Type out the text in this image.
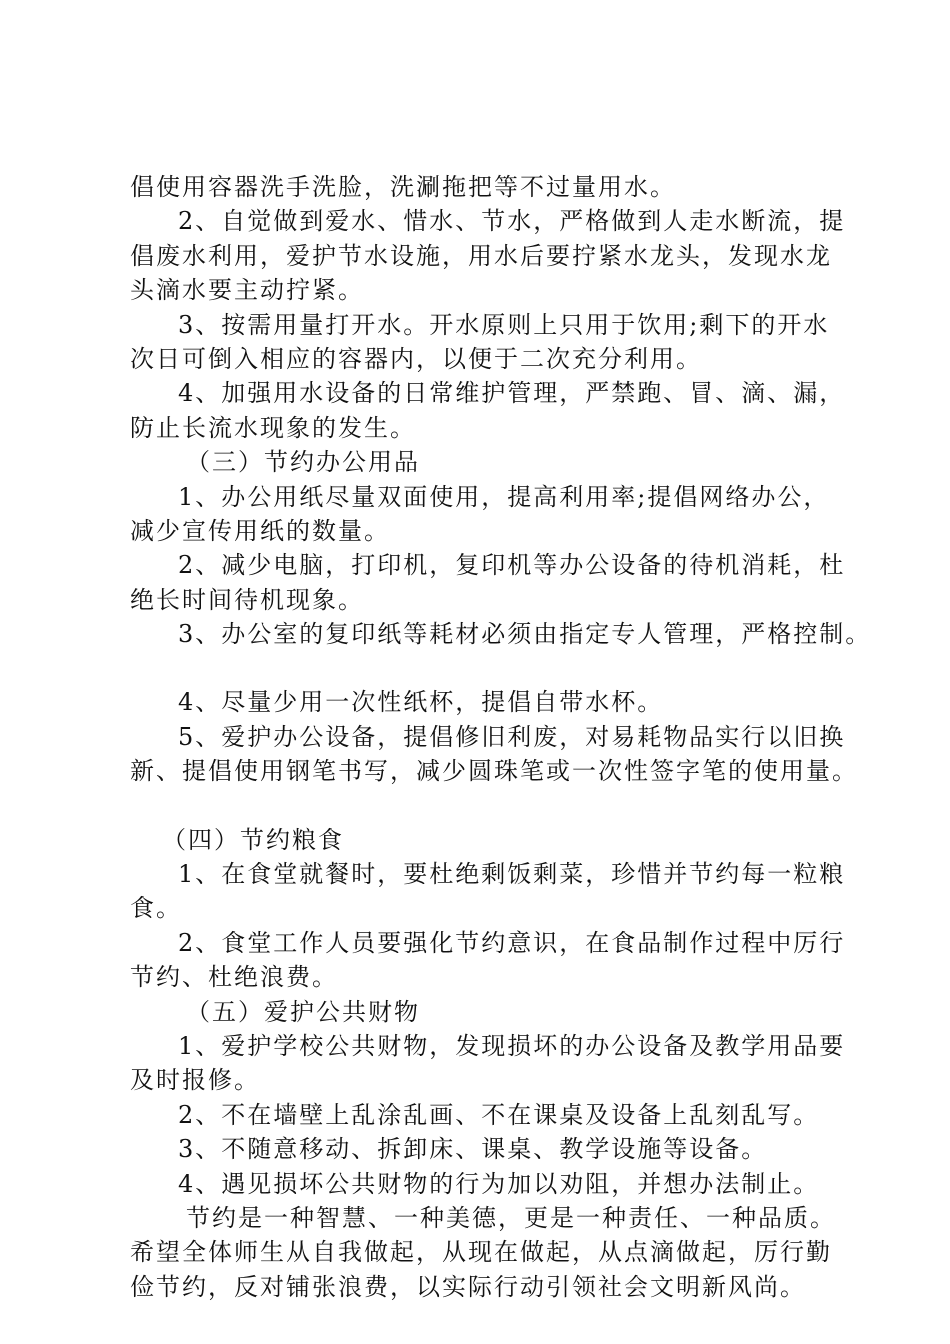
倡使用容器洗手洗脸，洗涮拖把等不过量用水。
2、自觉做到爱水、惜水、节水，严格做到人走水断流，提
倡废水利用，爱护节水设施，用水后要拧紧水龙头，发现水龙
头滴水要主动拧紧。
3、按需用量打开水。开水原则上只用于饮用;剩下的开水
次日可倒入相应的容器内，以便于二次充分利用。
4、加强用水设备的日常维护管理，严禁跑、冒、滴、漏，
防止长流水现象的发生。
（三）节约办公用品
1、办公用纸尽量双面使用，提高利用率;提倡网络办公，
减少宣传用纸的数量。
2、减少电脑，打印机，复印机等办公设备的待机消耗，杜
绝长时间待机现象。
3、办公室的复印纸等耗材必须由指定专人管理，严格控制。
4、尽量少用一次性纸杯，提倡自带水杯。
5、爱护办公设备，提倡修旧利废，对易耗物品实行以旧换
新、提倡使用钢笔书写，减少圆珠笔或一次性签字笔的使用量。
（四）节约粮食
1、在食堂就餐时，要杜绝剩饭剩菜，珍惜并节约每一粒粮
食。
2、食堂工作人员要强化节约意识，在食品制作过程中厉行
节约、杜绝浪费。
（五）爱护公共财物
1、爱护学校公共财物，发现损坏的办公设备及教学用品要
及时报修。
2、不在墙壁上乱涂乱画、不在课桌及设备上乱刻乱写。
3、不随意移动、拆卸床、课桌、教学设施等设备。
4、遇见损坏公共财物的行为加以劝阻，并想办法制止。
节约是一种智慧、一种美德，更是一种责任、一种品质。
希望全体师生从自我做起，从现在做起，从点滴做起，厉行勤
俭节约，反对铺张浪费，以实际行动引领社会文明新风尚。
